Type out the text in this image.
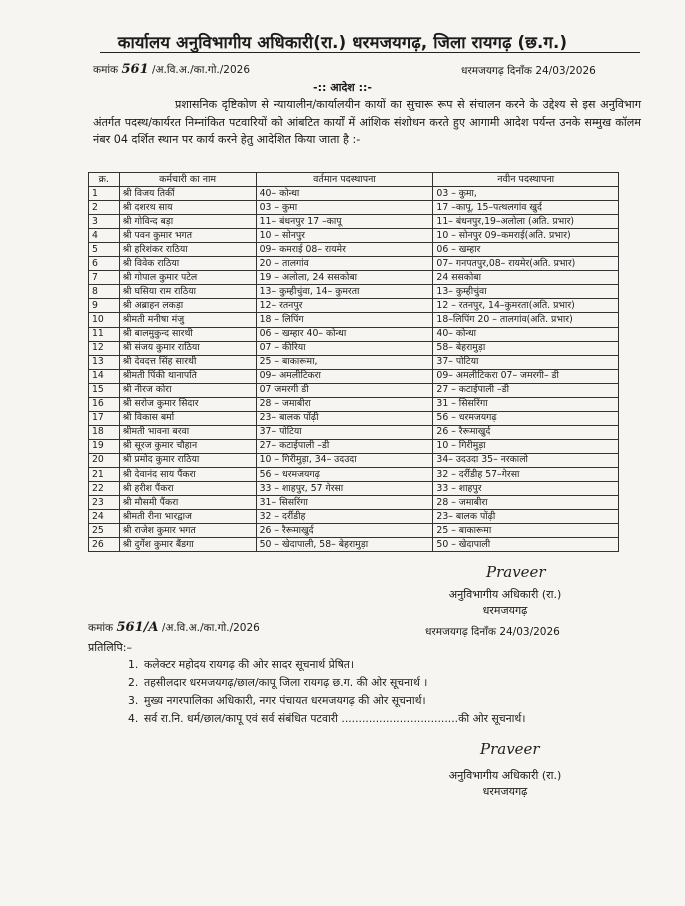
कार्यालय अनुविभागीय अधिकारी(रा.) धरमजयगढ़, जिला रायगढ़ (छ.ग.)
कमांक 561 /अ.वि.अ./का.गो./2026	धरमजयगढ़ दिनाँक 24/03/2026
-:: आदेश ::-
प्रशासनिक दृष्टिकोण से न्यायालीन/कार्यालयीन कायों का सुचारू रूप से संचालन करने के उद्देश्य से इस अनुविभाग अंतर्गत पदस्थ/कार्यरत निम्नांकित पटवारियों को आंबटित कार्यों में आंशिक संशोधन करते हुए आगामी आदेश पर्यन्त उनके सम्मुख कॉलम नंबर 04 दर्शित स्थान पर कार्य करने हेतु आदेशित किया जाता है :-
क्र.	कर्मचारी का नाम	वर्तमान पदस्थापना	नवीन पदस्थापना
1	श्री विजय तिर्की	40– कोन्धा	03 – कुमा,
2	श्री दशरथ साय	03 – कुमा	17 –कापू, 15–पत्थलगांव खुर्द
3	श्री गोविन्द बड़ा	11– बंधनपुर 17 –कापू	11– बंधनपुर,19–अलोला (अति. प्रभार)
4	श्री पवन कुमार भगत	10 – सोनपुर	10 – सोनपुर 09–कमराई(अति. प्रभार)
5	श्री हरिशंकर राठिया	09– कमराई 08– रायमेर	06 – खम्हार
6	श्री विवेक राठिया	20 – तालगांव	07– गनपतपुर,08– रायमेर(अति. प्रभार)
7	श्री गोपाल कुमार पटेल	19 – अलोला, 24 ससकोबा	24 ससकोबा
8	श्री घसिया राम राठिया	13– कुम्हीचुंवा, 14– कुमरता	13– कुम्हीचुंवा
9	श्री अब्राहन लकड़ा	12– रतनपुर	12 – रतनपुर, 14–कुमरता(अति. प्रभार)
10	श्रीमती मनीषा मंजु	18 – लिपिंग	18–लिपिंग 20 – तालगांव(अति. प्रभार)
11	श्री बालमुकुन्द सारथी	06 – खम्हार 40– कोन्धा	40– कोन्धा
12	श्री संजय कुमार राठिया	07 – कीरिया	58– बेहरामुड़ा
13	श्री देवदत्त सिंह सारथी	25 – बाकारूमा,	37– पोटिया
14	श्रीमती पिंकी थानापति	09– अमलीटिकरा	09– अमलीटिकरा 07– जमरगी– डी
15	श्री नीरज कोरा	07 जमरगी डी	27 – कटाईपाली –डी
16	श्री सरोज कुमार सिदार	28 – जमाबीरा	31 – सिसरिंगा
17	श्री विकास बर्मा	23– बालक पोंढ़ी	56 – धरमजयगढ़
18	श्रीमती भावना बरवा	37– पोटिया	26 – रैरूमाखुर्द
19	श्री सूरज कुमार चौहान	27– कटाईपाली –डी	10 – गिरीमुड़ा
20	श्री प्रमोद कुमार राठिया	10 – गिरीमुड़ा, 34– उदउदा	34– उदउदा 35– नरकालो
21	श्री देवानंद साय पैंकरा	56 – धरमजयगढ़	32 – दर्रीडीह 57–गेरसा
22	श्री हरीश पैंकरा	33 – शाहपुर, 57 गेरसा	33 – शाहपुर
23	श्री मौसमी पैंकरा	31– सिसरिंगा	28 – जमाबीरा
24	श्रीमती रीना भारद्वाज	32 – दर्रीडीह	23– बालक पोंढ़ी
25	श्री राजेश कुमार भगत	26 – रैरूमाखुर्द	25 – बाकारूमा
26	श्री दुर्गेश कुमार बैंडगा	50 – खेदापाली, 58– बेहरामुड़ा	50 – खेदापाली
Praveer
अनुविभागीय अधिकारी (रा.)
धरमजयगढ़
कमांक 561/A /अ.वि.अ./का.गो./2026	धरमजयगढ़ दिनाँक 24/03/2026
प्रतिलिपि:–
1. कलेक्टर महोदय रायगढ़ की ओर सादर सूचनार्थ प्रेषित।
2. तहसीलदार धरमजयगढ़/छाल/कापू जिला रायगढ़ छ.ग. की ओर सूचनार्थ ।
3. मुख्य नगरपालिका अधिकारी, नगर पंचायत धरमजयगढ़ की ओर सूचनार्थ।
4. सर्व रा.नि. धर्म/छाल/कापू एवं सर्व संबंधित पटवारी ..................................की ओर सूचनार्थ।
Praveer
अनुविभागीय अधिकारी (रा.)
धरमजयगढ़
